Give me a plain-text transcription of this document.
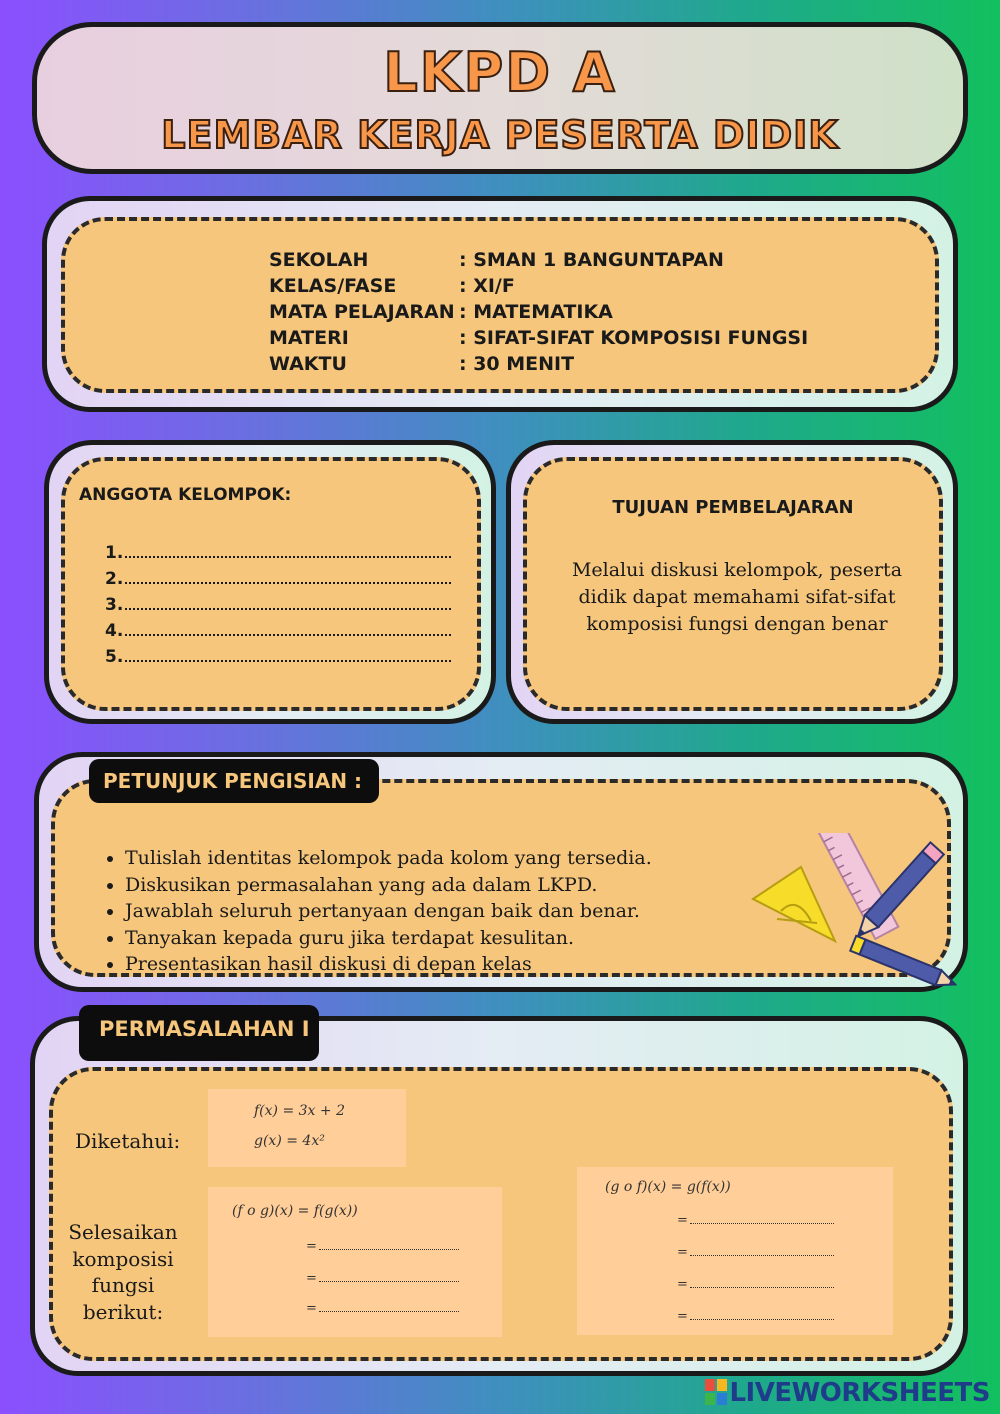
LKPD A
LEMBAR KERJA PESERTA DIDIK
SEKOLAH	: SMAN 1 BANGUNTAPAN
KELAS/FASE	: XI/F
MATA PELAJARAN : MATEMATIKA
MATERI	: SIFAT-SIFAT KOMPOSISI FUNGSI
WAKTU	: 30 MENIT
ANGGOTA KELOMPOK:
1.
2.
3.
4.
5.
TUJUAN PEMBELAJARAN
Melalui diskusi kelompok, peserta didik dapat memahami sifat-sifat komposisi fungsi dengan benar
• Tulislah identitas kelompok pada kolom yang tersedia.
• Diskusikan permasalahan yang ada dalam LKPD.
• Jawablah seluruh pertanyaan dengan baik dan benar.
• Tanyakan kepada guru jika terdapat kesulitan.
• Presentasikan hasil diskusi di depan kelas
PETUNJUK PENGISIAN :
Diketahui:
f(x) = 3x + 2
g(x) = 4x²
Selesaikan komposisi fungsi berikut:
(f o g)(x) = f(g(x))
=
=
=
(g o f)(x) = g(f(x))
=
=
=
=
PERMASALAHAN I
LIVEWORKSHEETS
